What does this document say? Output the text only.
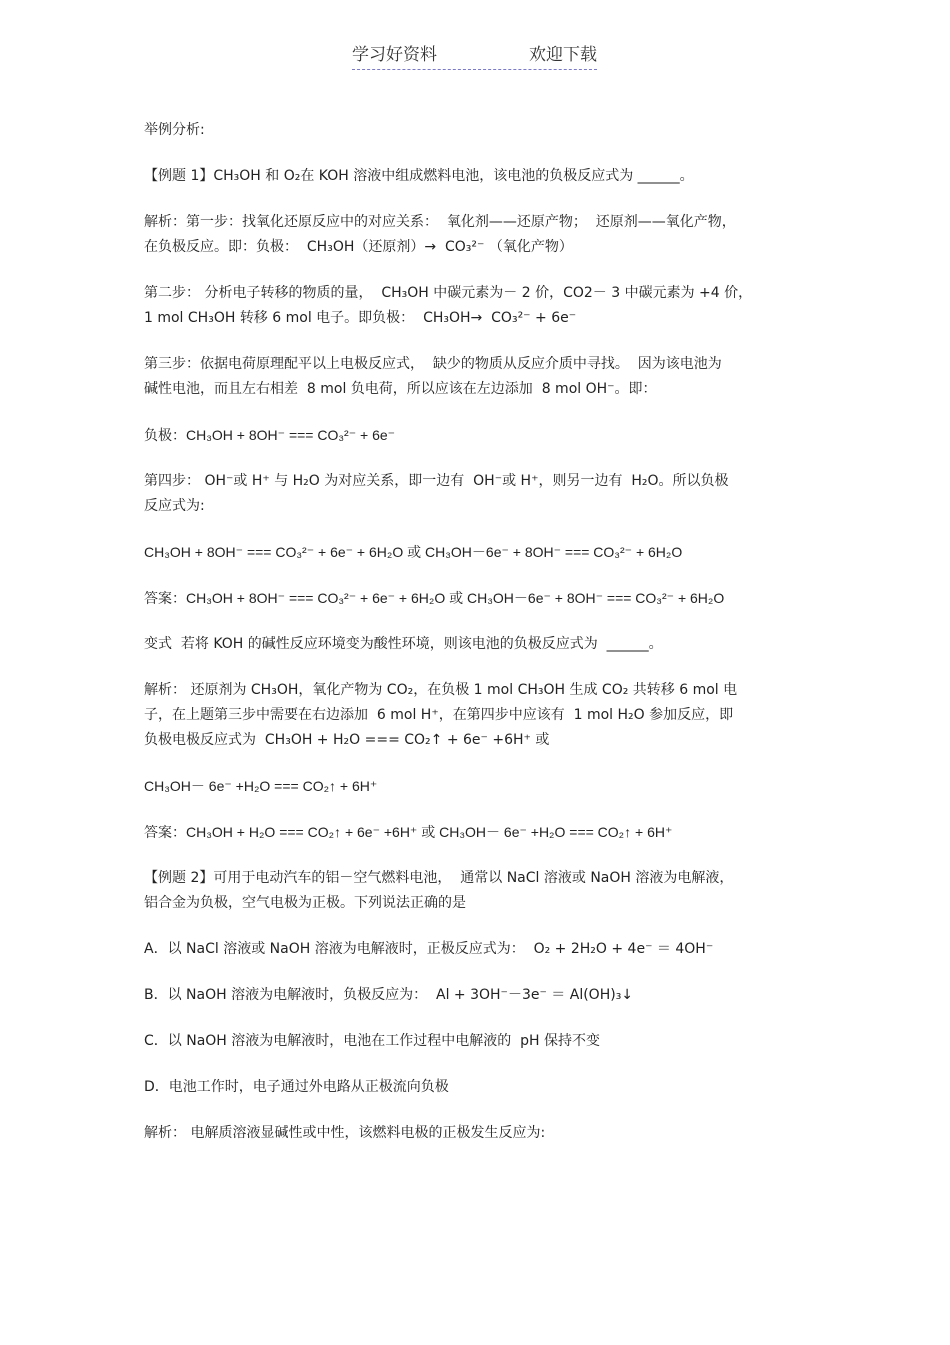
学习好资料	欢迎下载

举例分析:

【例题 1】CH₃OH 和 O₂在 KOH 溶液中组成燃料电池，该电池的负极反应式为 ______。

解析：第一步：找氧化还原反应中的对应关系：  氧化剂——还原产物；  还原剂——氧化产物，
在负极反应。即：负极：  CH₃OH（还原剂）→  CO₃²⁻ （氧化产物）

第二步： 分析电子转移的物质的量，  CH₃OH 中碳元素为－ 2 价，CO2－ 3 中碳元素为 +4 价，
1 mol CH₃OH 转移 6 mol 电子。即负极：  CH₃OH→  CO₃²⁻ + 6e⁻

第三步：依据电荷原理配平以上电极反应式，  缺少的物质从反应介质中寻找。  因为该电池为
碱性电池，而且左右相差  8 mol 负电荷，所以应该在左边添加  8 mol OH⁻。即：

负极：CH₃OH + 8OH⁻ === CO₃²⁻ + 6e⁻

第四步： OH⁻或 H⁺ 与 H₂O 为对应关系，即一边有  OH⁻或 H⁺，则另一边有  H₂O。所以负极
反应式为:

CH₃OH + 8OH⁻ === CO₃²⁻ + 6e⁻ + 6H₂O 或 CH₃OH－6e⁻ + 8OH⁻ === CO₃²⁻ + 6H₂O

答案：CH₃OH + 8OH⁻ === CO₃²⁻ + 6e⁻ + 6H₂O 或 CH₃OH－6e⁻ + 8OH⁻ === CO₃²⁻ + 6H₂O

变式  若将 KOH 的碱性反应环境变为酸性环境，则该电池的负极反应式为  ______。

解析： 还原剂为 CH₃OH，氧化产物为 CO₂，在负极 1 mol CH₃OH 生成 CO₂ 共转移 6 mol 电
子，在上题第三步中需要在右边添加  6 mol H⁺，在第四步中应该有  1 mol H₂O 参加反应，即
负极电极反应式为  CH₃OH + H₂O === CO₂↑ + 6e⁻ +6H⁺ 或

CH₃OH－ 6e⁻ +H₂O === CO₂↑ + 6H⁺

答案：CH₃OH + H₂O === CO₂↑ + 6e⁻ +6H⁺ 或 CH₃OH－ 6e⁻ +H₂O === CO₂↑ + 6H⁺

【例题 2】可用于电动汽车的铝－空气燃料电池，  通常以 NaCl 溶液或 NaOH 溶液为电解液，
铝合金为负极，空气电极为正极。下列说法正确的是

A．以 NaCl 溶液或 NaOH 溶液为电解液时，正极反应式为：  O₂ + 2H₂O + 4e⁻ ＝ 4OH⁻

B．以 NaOH 溶液为电解液时，负极反应为：  Al + 3OH⁻－3e⁻ ＝ Al(OH)₃↓

C．以 NaOH 溶液为电解液时，电池在工作过程中电解液的  pH 保持不变

D．电池工作时，电子通过外电路从正极流向负极

解析： 电解质溶液显碱性或中性，该燃料电极的正极发生反应为:
